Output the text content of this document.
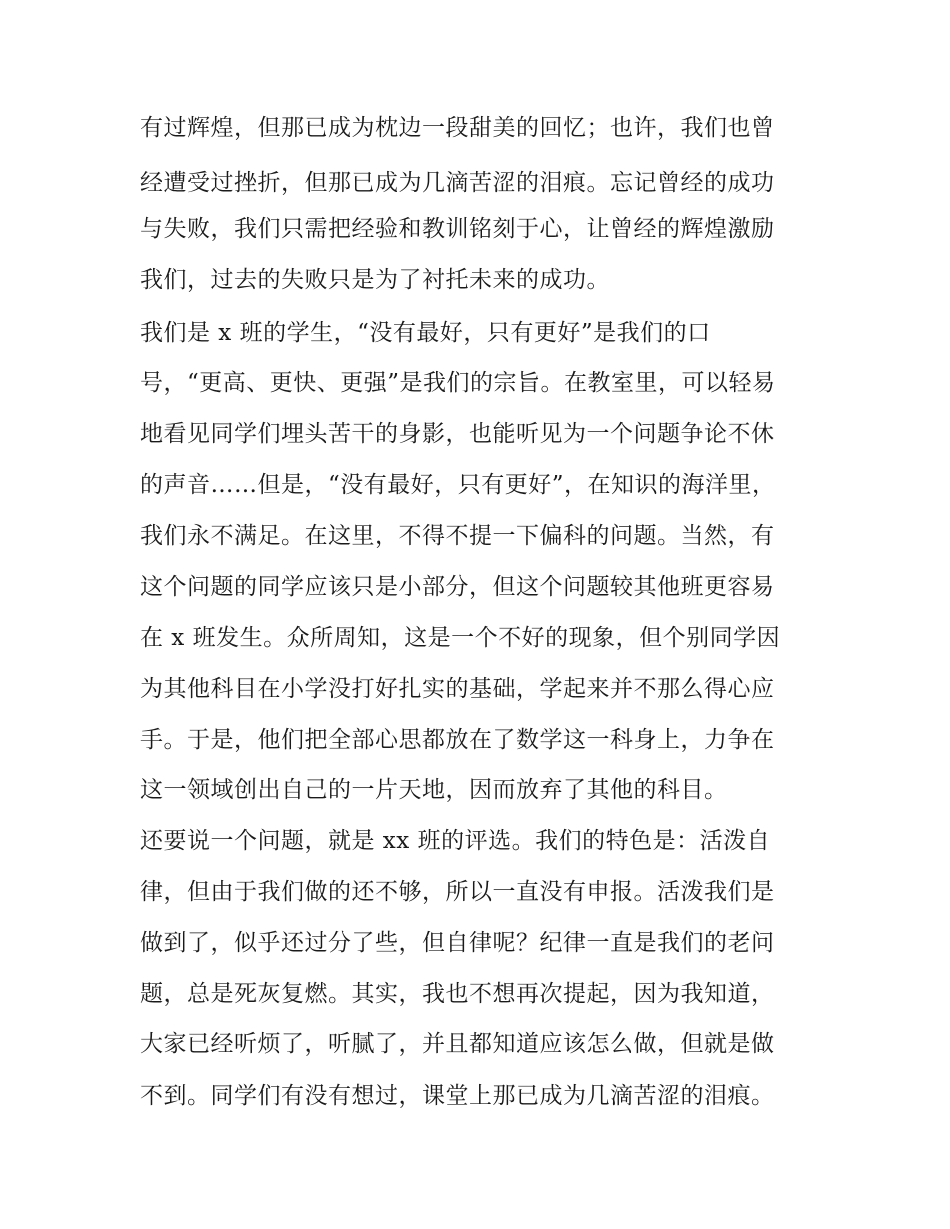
有过辉煌，但那已成为枕边一段甜美的回忆；也许，我们也曾
经遭受过挫折，但那已成为几滴苦涩的泪痕。忘记曾经的成功
与失败，我们只需把经验和教训铭刻于心，让曾经的辉煌激励
我们，过去的失败只是为了衬托未来的成功。
我们是 x 班的学生，“没有最好，只有更好”是我们的口
号，“更高、更快、更强”是我们的宗旨。在教室里，可以轻易
地看见同学们埋头苦干的身影，也能听见为一个问题争论不休
的声音……但是，“没有最好，只有更好”，在知识的海洋里，
我们永不满足。在这里，不得不提一下偏科的问题。当然，有
这个问题的同学应该只是小部分，但这个问题较其他班更容易
在 x 班发生。众所周知，这是一个不好的现象，但个别同学因
为其他科目在小学没打好扎实的基础，学起来并不那么得心应
手。于是，他们把全部心思都放在了数学这一科身上，力争在
这一领域创出自己的一片天地，因而放弃了其他的科目。
还要说一个问题，就是 xx 班的评选。我们的特色是：活泼自
律，但由于我们做的还不够，所以一直没有申报。活泼我们是
做到了，似乎还过分了些，但自律呢？纪律一直是我们的老问
题，总是死灰复燃。其实，我也不想再次提起，因为我知道，
大家已经听烦了，听腻了，并且都知道应该怎么做，但就是做
不到。同学们有没有想过，课堂上那已成为几滴苦涩的泪痕。
